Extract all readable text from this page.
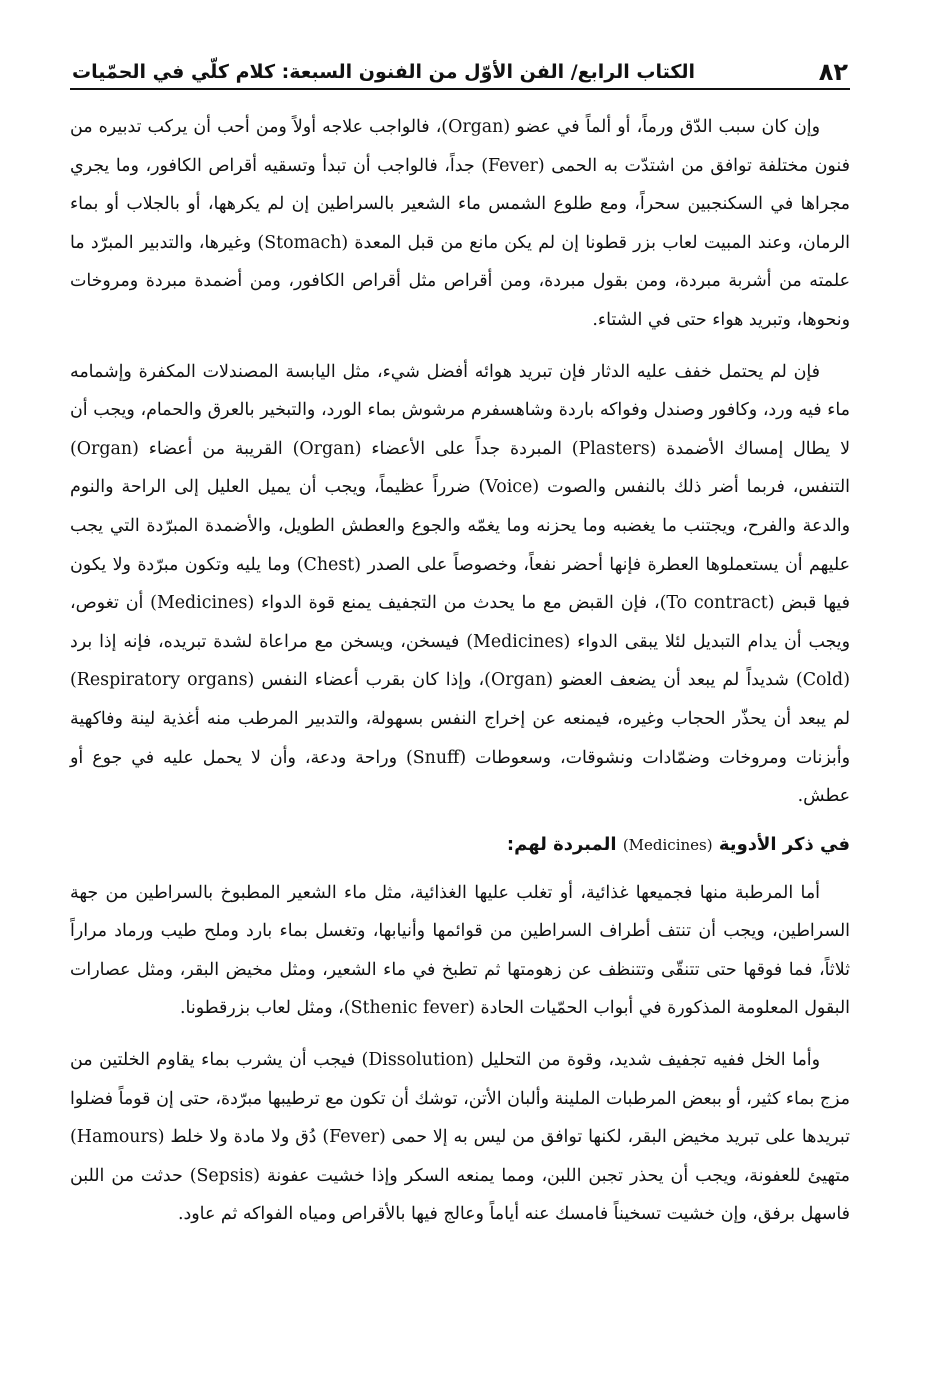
٨٢
الكتاب الرابع/ الفن الأوّل من الفنون السبعة: كلام كلّي في الحمّيات

وإن كان سبب الدّق ورماً، أو ألماً في عضو (Organ)، فالواجب علاجه أولاً ومن أحب أن يركب تدبيره من فنون مختلفة توافق من اشتدّت به الحمى (Fever) جداً، فالواجب أن تبدأ وتسقيه أقراص الكافور، وما يجري مجراها في السكنجبين سحراً، ومع طلوع الشمس ماء الشعير بالسراطين إن لم يكرهها، أو بالجلاب أو بماء الرمان، وعند المبيت لعاب بزر قطونا إن لم يكن مانع من قبل المعدة (Stomach) وغيرها، والتدبير المبرّد ما علمته من أشربة مبردة، ومن بقول مبردة، ومن أقراص مثل أقراص الكافور، ومن أضمدة مبردة ومروخات ونحوها، وتبريد هواء حتى في الشتاء.

فإن لم يحتمل خفف عليه الدثار فإن تبريد هوائه أفضل شيء، مثل اليابسة المصندلات المكفرة وإشمامه ماء فيه ورد، وكافور وصندل وفواكه باردة وشاهسفرم مرشوش بماء الورد، والتبخير بالعرق والحمام، ويجب أن لا يطال إمساك الأضمدة (Plasters) المبردة جداً على الأعضاء (Organ) القريبة من أعضاء (Organ) التنفس، فربما أضر ذلك بالنفس والصوت (Voice) ضرراً عظيماً، ويجب أن يميل العليل إلى الراحة والنوم والدعة والفرح، ويجتنب ما يغضبه وما يحزنه وما يغمّه والجوع والعطش الطويل، والأضمدة المبرّدة التي يجب عليهم أن يستعملوها العطرة فإنها أحضر نفعاً، وخصوصاً على الصدر (Chest) وما يليه وتكون مبرّدة ولا يكون فيها قبض (To contract)، فإن القبض مع ما يحدث من التجفيف يمنع قوة الدواء (Medicines) أن تغوص، ويجب أن يدام التبديل لئلا يبقى الدواء (Medicines) فيسخن، ويسخن مع مراعاة لشدة تبريده، فإنه إذا برد (Cold) شديداً لم يبعد أن يضعف العضو (Organ)، وإذا كان بقرب أعضاء النفس (Respiratory organs) لم يبعد أن يحذّر الحجاب وغيره، فيمنعه عن إخراج النفس بسهولة، والتدبير المرطب منه أغذية لينة وفاكهية وأبزنات ومروخات وضمّادات ونشوقات، وسعوطات (Snuff) وراحة ودعة، وأن لا يحمل عليه في جوع أو عطش.

في ذكر الأدوية (Medicines) المبردة لهم:

أما المرطبة منها فجميعها غذائية، أو تغلب عليها الغذائية، مثل ماء الشعير المطبوخ بالسراطين من جهة السراطين، ويجب أن تنتف أطراف السراطين من قوائمها وأنيابها، وتغسل بماء بارد وملح طيب ورماد مراراً ثلاثاً، فما فوقها حتى تتنقّى وتتنظف عن زهومتها ثم تطبخ في ماء الشعير، ومثل مخيض البقر، ومثل عصارات البقول المعلومة المذكورة في أبواب الحمّيات الحادة (Sthenic fever)، ومثل لعاب بزرقطونا.

وأما الخل ففيه تجفيف شديد، وقوة من التحليل (Dissolution) فيجب أن يشرب بماء يقاوم الخلتين من مزج بماء كثير، أو ببعض المرطبات الملينة وألبان الأتن، توشك أن تكون مع ترطيبها مبرّدة، حتى إن قوماً فضلوا تبريدها على تبريد مخيض البقر، لكنها توافق من ليس به إلا حمى (Fever) دُق ولا مادة ولا خلط (Hamours) متهيئ للعفونة، ويجب أن يحذر تجبن اللبن، ومما يمنعه السكر وإذا خشيت عفونة (Sepsis) حدثت من اللبن فاسهل برفق، وإن خشيت تسخيناً فامسك عنه أياماً وعالج فيها بالأقراص ومياه الفواكه ثم عاود.
